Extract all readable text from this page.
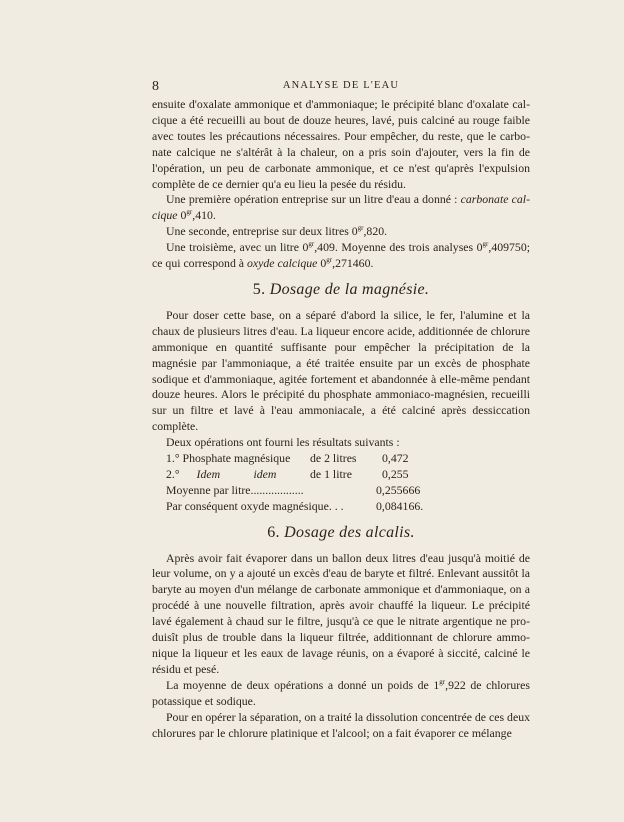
8	ANALYSE DE L'EAU

ensuite d'oxalate ammonique et d'ammoniaque; le précipité blanc d'oxalate cal- cique a été recueilli au bout de douze heures, lavé, puis calciné au rouge faible avec toutes les précautions nécessaires. Pour empêcher, du reste, que le carbo- nate calcique ne s'altérât à la chaleur, on a pris soin d'ajouter, vers la fin de l'opération, un peu de carbonate ammonique, et ce n'est qu'après l'expulsion complète de ce dernier qu'a eu lieu la pesée du résidu.

Une première opération entreprise sur un litre d'eau a donné : carbonate cal- cique $0^{gr},410$.

Une seconde, entreprise sur deux litres $0^{gr},820$.

Une troisième, avec un litre $0^{gr},409$. Moyenne des trois analyses $0^{gr},409750$; ce qui correspond à oxyde calcique $0^{gr},271460$.

5. Dosage de la magnésie.

Pour doser cette base, on a séparé d'abord la silice, le fer, l'alumine et la chaux de plusieurs litres d'eau. La liqueur encore acide, additionnée de chlorure ammonique en quantité suffisante pour empêcher la précipitation de la magnésie par l'ammoniaque, a été traitée ensuite par un excès de phosphate sodique et d'ammoniaque, agitée fortement et abandonnée à elle-même pendant douze heures. Alors le précipité du phosphate ammoniaco-magnésien, recueilli sur un filtre et lavé à l'eau ammoniacale, a été calciné après dessiccation complète.

Deux opérations ont fourni les résultats suivants :

1.° Phosphate magnésique	de 2 litres	0,472
2.° Idem	idem	de 1 litre	0,255
Moyenne par litre..................	0,255666
Par conséquent oxyde magnésique. . .	0,084166.
6. Dosage des alcalis.

Après avoir fait évaporer dans un ballon deux litres d'eau jusqu'à moitié de leur volume, on y a ajouté un excès d'eau de baryte et filtré. Enlevant aussitôt la baryte au moyen d'un mélange de carbonate ammonique et d'ammoniaque, on a procédé à une nouvelle filtration, après avoir chauffé la liqueur. Le précipité lavé également à chaud sur le filtre, jusqu'à ce que le nitrate argentique ne pro- duisît plus de trouble dans la liqueur filtrée, additionnant de chlorure ammo- nique la liqueur et les eaux de lavage réunis, on a évaporé à siccité, calciné le résidu et pesé.

La moyenne de deux opérations a donné un poids de $1^{gr},922$ de chlorures potassique et sodique.

Pour en opérer la séparation, on a traité la dissolution concentrée de ces deux chlorures par le chlorure platinique et l'alcool; on a fait évaporer ce mélange
